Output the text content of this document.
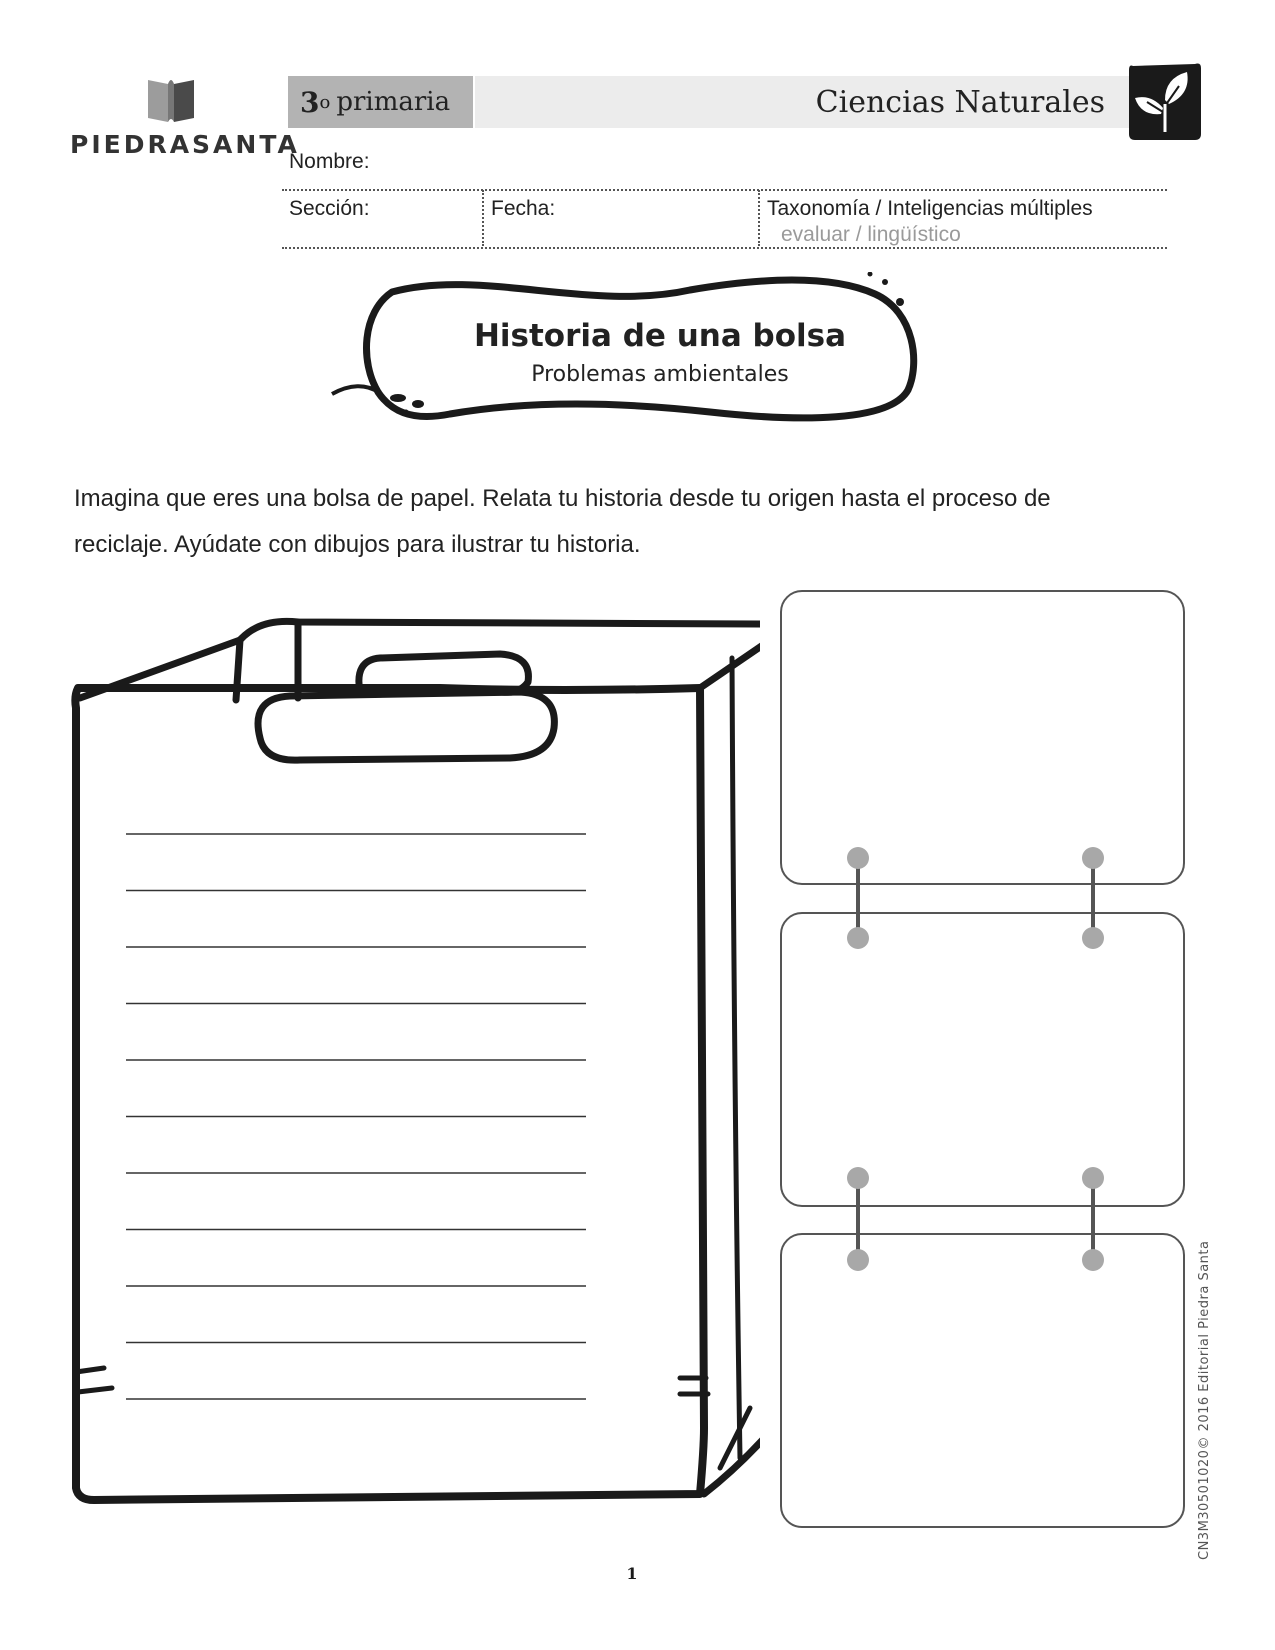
PIEDRASANTA
3 o primaria	Ciencias Naturales
Nombre:
Sección:	Fecha:	Taxonomía / Inteligencias múltiples
evaluar / lingüístico
Historia de una bolsa
Problemas ambientales
Imagina que eres una bolsa de papel. Relata tu historia desde tu origen hasta el proceso de
reciclaje. Ayúdate con dibujos para ilustrar tu historia.
CN3M30501020© 2016 Editorial Piedra Santa
1
